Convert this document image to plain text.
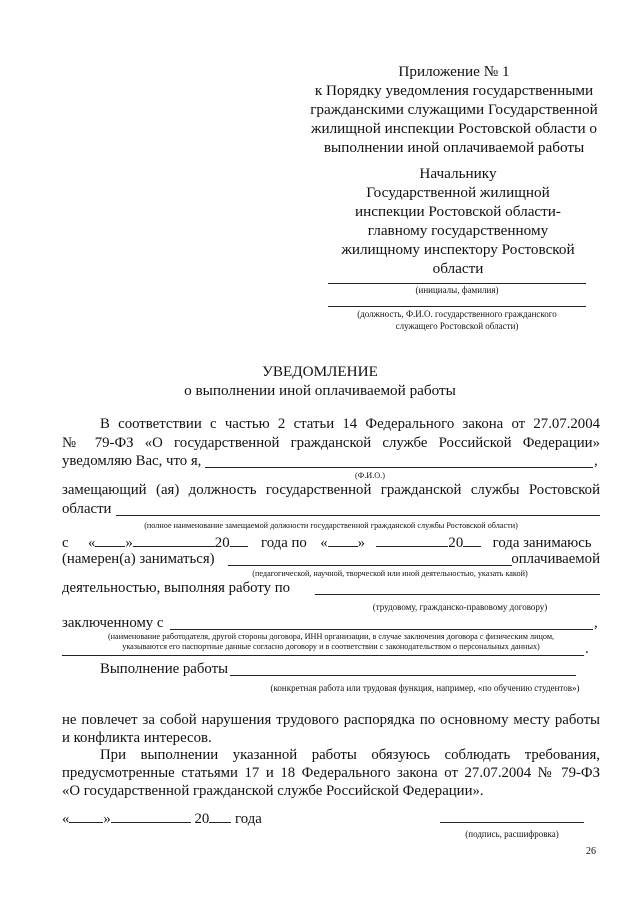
Приложение № 1
к Порядку уведомления государственными
гражданскими служащими Государственной
жилищной инспекции Ростовской области о
выполнении иной оплачиваемой работы
Начальнику
Государственной жилищной
инспекции Ростовской области-
главному государственному
жилищному инспектору Ростовской
области
(инициалы, фамилия)
(должность, Ф.И.О. государственного гражданского
служащего Ростовской области)
УВЕДОМЛЕНИЕ
о выполнении иной оплачиваемой работы
В соответствии с частью 2 статьи 14 Федерального закона от 27.07.2004
№ 79-ФЗ «О государственной гражданской службе Российской Федерации»
уведомляю Вас, что я,	,
(Ф.И.О.)
замещающий (ая) должность государственной гражданской службы Ростовской
области
(полное наименование замещаемой должности государственной гражданской службы Ростовской области)
с « »	20 года по « »	20 года занимаюсь
(намерен(а) заниматься)	оплачиваемой
(педагогической, научной, творческой или иной деятельностью, указать какой)
деятельностью, выполняя работу по
(трудовому, гражданско-правовому договору)
заключенному с	,
(наименование работодателя, другой стороны договора, ИНН организации, в случае заключения договора с физическим лицом,
указываются его паспортные данные согласно договору и в соответствии с законодательством о персональных данных)	.
Выполнение работы
(конкретная работа или трудовая функция, например, «по обучению студентов»)
не повлечет за собой нарушения трудового распорядка по основному месту работы
и конфликта интересов.
При выполнении указанной работы обязуюсь соблюдать требования,
предусмотренные статьями 17 и 18 Федерального закона от 27.07.2004 № 79-ФЗ
«О государственной гражданской службе Российской Федерации».
« »	20 года
(подпись, расшифровка)
26
